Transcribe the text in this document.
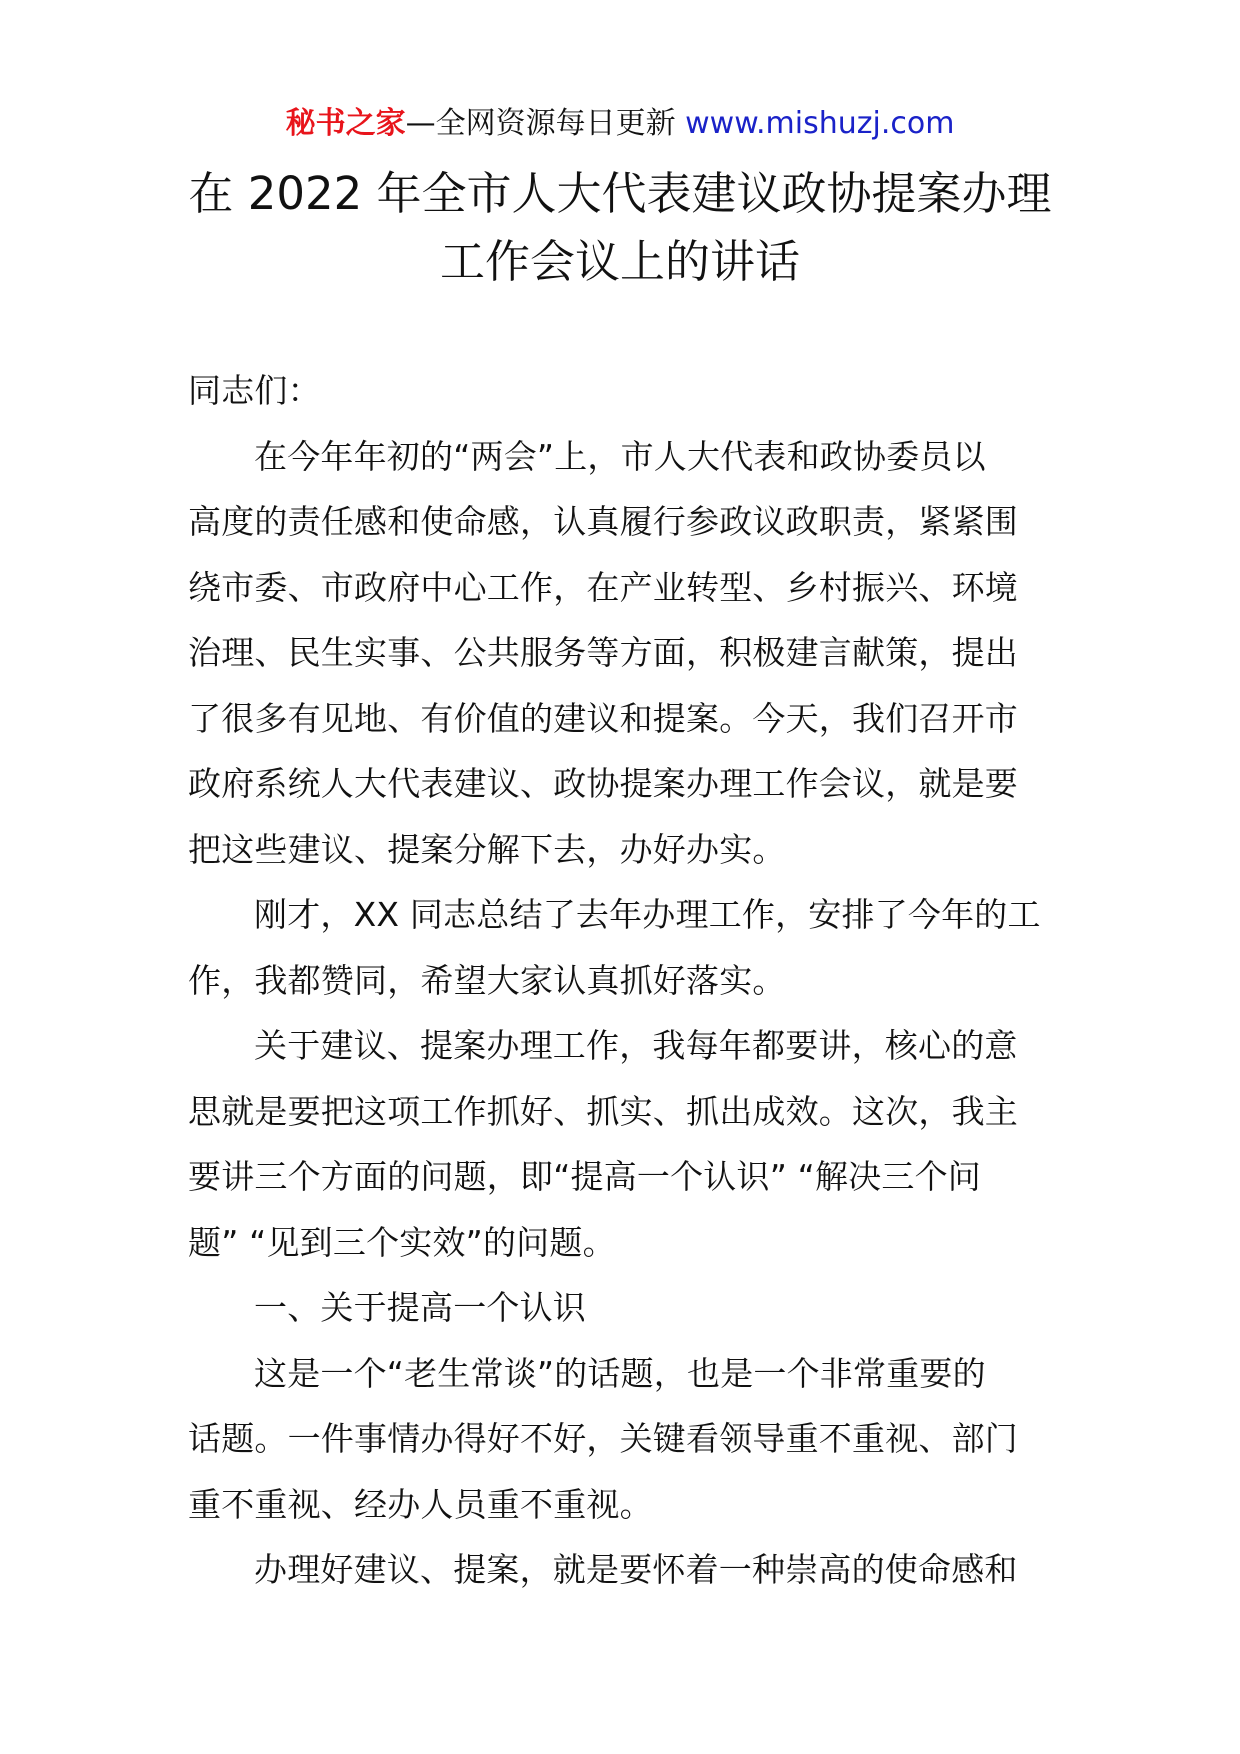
秘书之家—全网资源每日更新 www.mishuzj.com
在 2022 年全市人大代表建议政协提案办理
工作会议上的讲话
同志们：
在今年年初的“两会”上，市人大代表和政协委员以
高度的责任感和使命感，认真履行参政议政职责，紧紧围
绕市委、市政府中心工作，在产业转型、乡村振兴、环境
治理、民生实事、公共服务等方面，积极建言献策，提出
了很多有见地、有价值的建议和提案。今天，我们召开市
政府系统人大代表建议、政协提案办理工作会议，就是要
把这些建议、提案分解下去，办好办实。
刚才，XX 同志总结了去年办理工作，安排了今年的工
作，我都赞同，希望大家认真抓好落实。
关于建议、提案办理工作，我每年都要讲，核心的意
思就是要把这项工作抓好、抓实、抓出成效。这次，我主
要讲三个方面的问题，即“提高一个认识” “解决三个问
题” “见到三个实效”的问题。
一、关于提高一个认识
这是一个“老生常谈”的话题，也是一个非常重要的
话题。一件事情办得好不好，关键看领导重不重视、部门
重不重视、经办人员重不重视。
办理好建议、提案，就是要怀着一种崇高的使命感和
